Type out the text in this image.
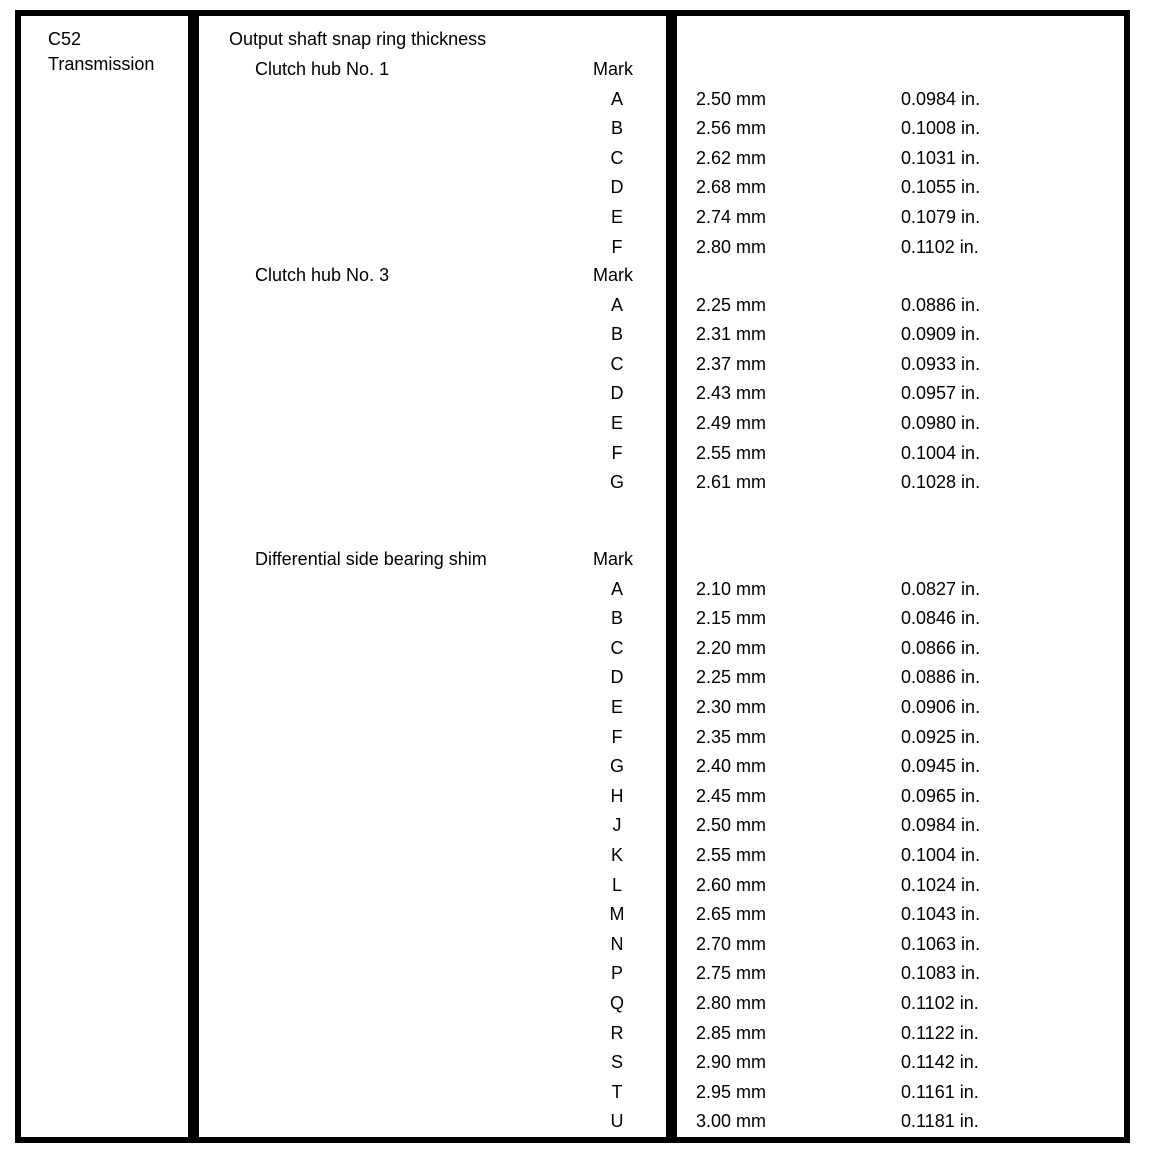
C52
Transmission
Output shaft snap ring thickness
Clutch hub No. 1	Mark
A	2.50 mm	0.0984 in.
B	2.56 mm	0.1008 in.
C	2.62 mm	0.1031 in.
D	2.68 mm	0.1055 in.
E	2.74 mm	0.1079 in.
F	2.80 mm	0.1102 in.
Clutch hub No. 3	Mark
A	2.25 mm	0.0886 in.
B	2.31 mm	0.0909 in.
C	2.37 mm	0.0933 in.
D	2.43 mm	0.0957 in.
E	2.49 mm	0.0980 in.
F	2.55 mm	0.1004 in.
G	2.61 mm	0.1028 in.
Differential side bearing shim	Mark
A	2.10 mm	0.0827 in.
B	2.15 mm	0.0846 in.
C	2.20 mm	0.0866 in.
D	2.25 mm	0.0886 in.
E	2.30 mm	0.0906 in.
F	2.35 mm	0.0925 in.
G	2.40 mm	0.0945 in.
H	2.45 mm	0.0965 in.
J	2.50 mm	0.0984 in.
K	2.55 mm	0.1004 in.
L	2.60 mm	0.1024 in.
M	2.65 mm	0.1043 in.
N	2.70 mm	0.1063 in.
P	2.75 mm	0.1083 in.
Q	2.80 mm	0.1102 in.
R	2.85 mm	0.1122 in.
S	2.90 mm	0.1142 in.
T	2.95 mm	0.1161 in.
U	3.00 mm	0.1181 in.
